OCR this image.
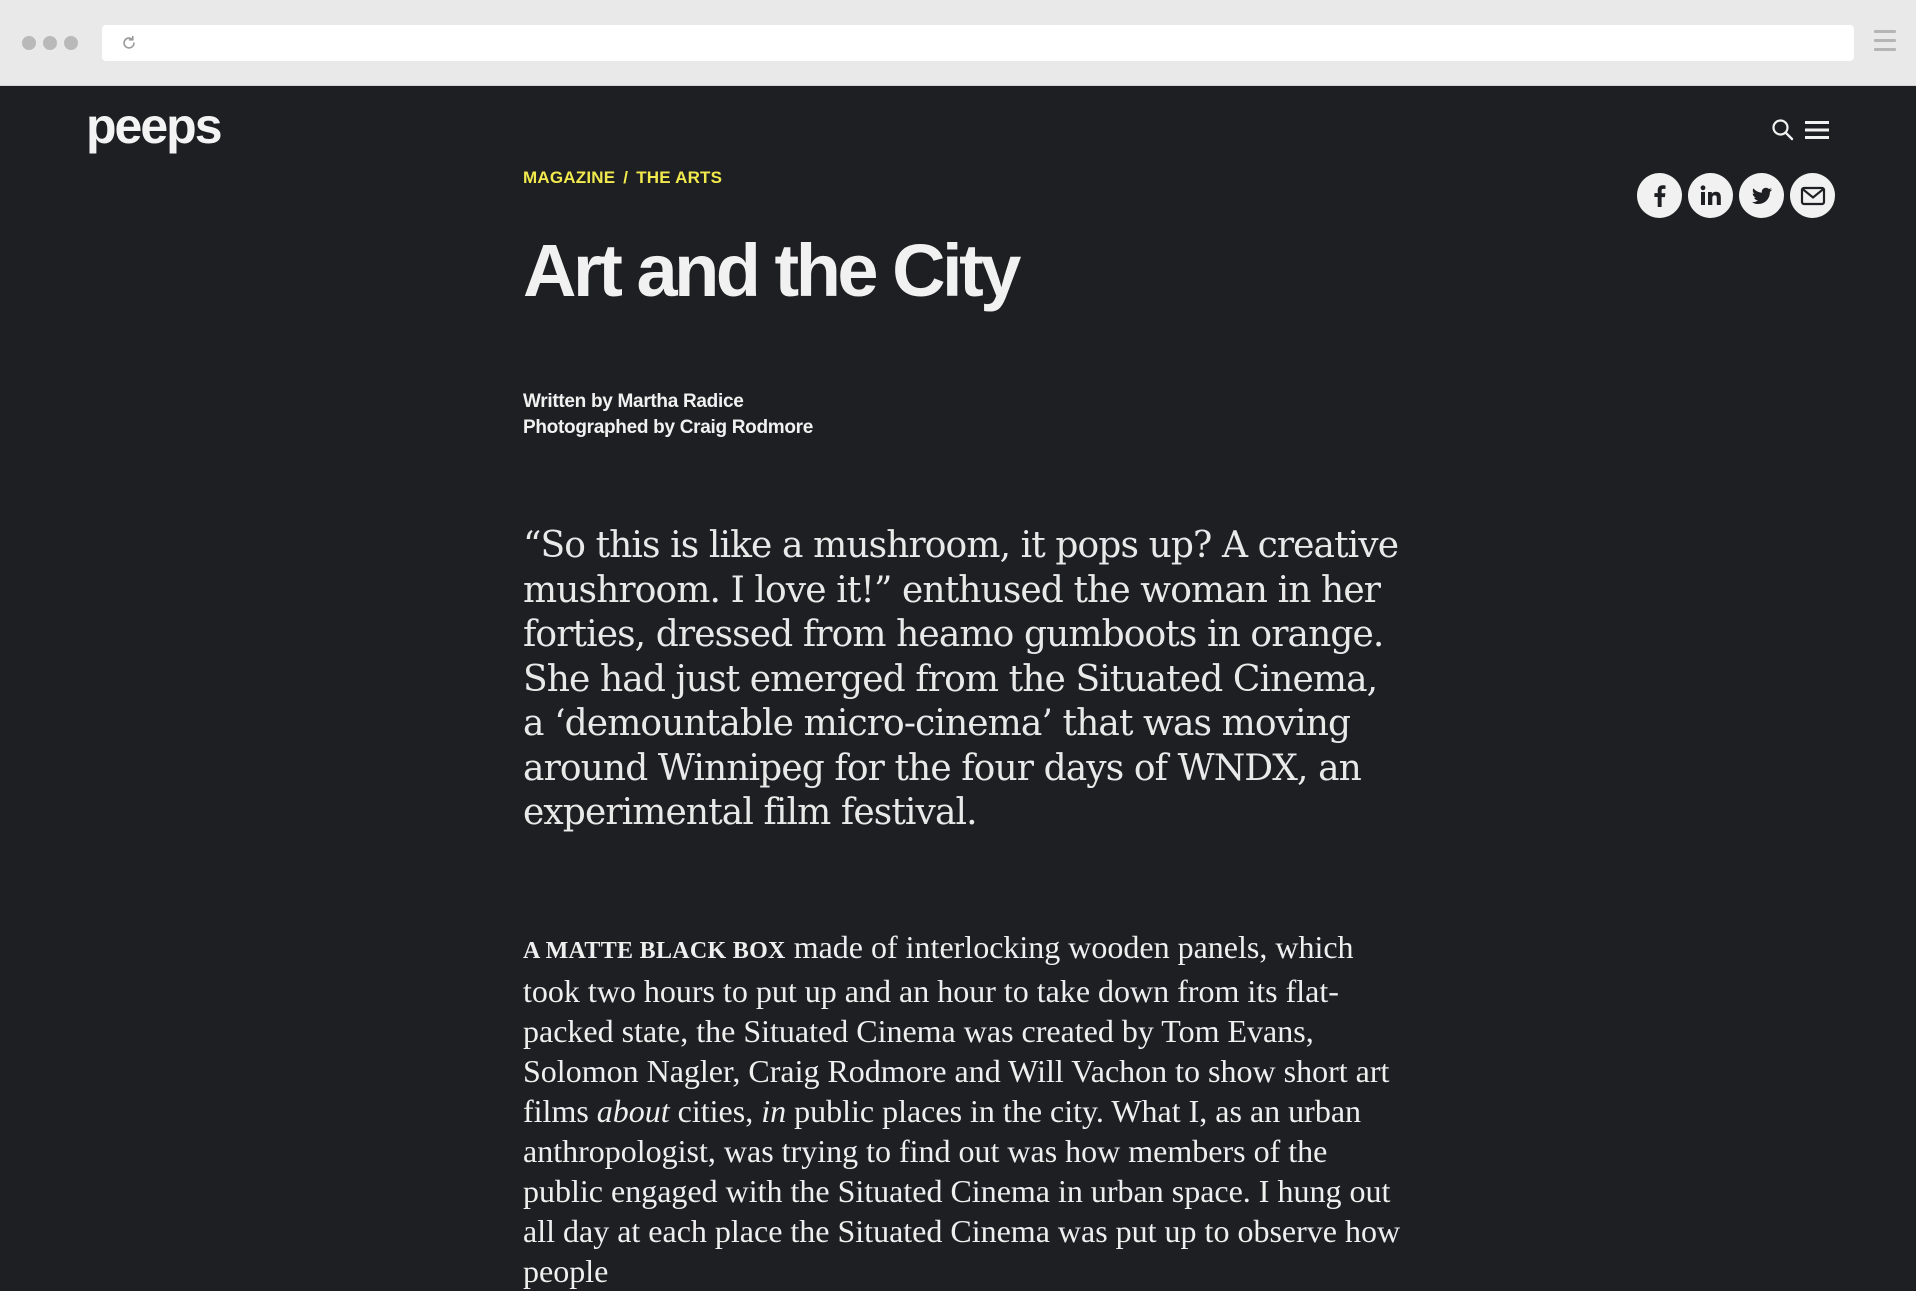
peeps
MAGAZINE / THE ARTS
Art and the City
Written by Martha Radice
Photographed by Craig Rodmore

“So this is like a mushroom, it pops up? A creative mushroom. I love it!” enthused the woman in her forties, dressed from heamo gumboots in orange. She had just emerged from the Situated Cinema, a ‘demountable micro-cinema’ that was moving around Winnipeg for the four days of WNDX, an experimental film festival.

A MATTE BLACK BOX made of interlocking wooden panels, which took two hours to put up and an hour to take down from its flat-packed state, the Situated Cinema was created by Tom Evans, Solomon Nagler, Craig Rodmore and Will Vachon to show short art films about cities, in public places in the city. What I, as an urban anthropologist, was trying to find out was how members of the public engaged with the Situated Cinema in urban space. I hung out all day at each place the Situated Cinema was put up to observe how people
